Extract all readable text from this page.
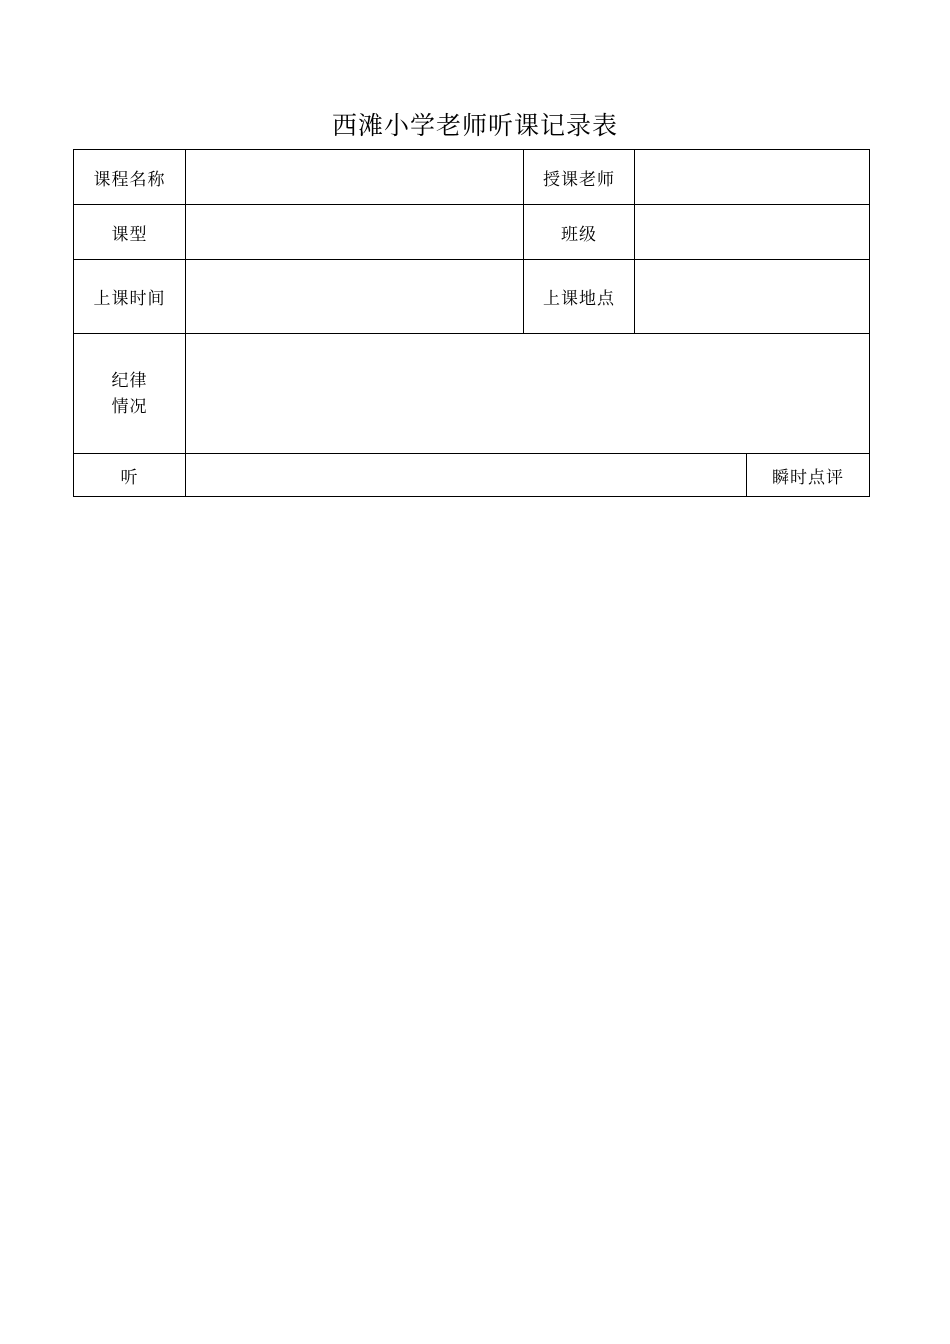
西滩小学老师听课记录表
课程名称		授课老师		
课型		班级		
上课时间		上课地点		

纪律
情况				

听				瞬时点评
